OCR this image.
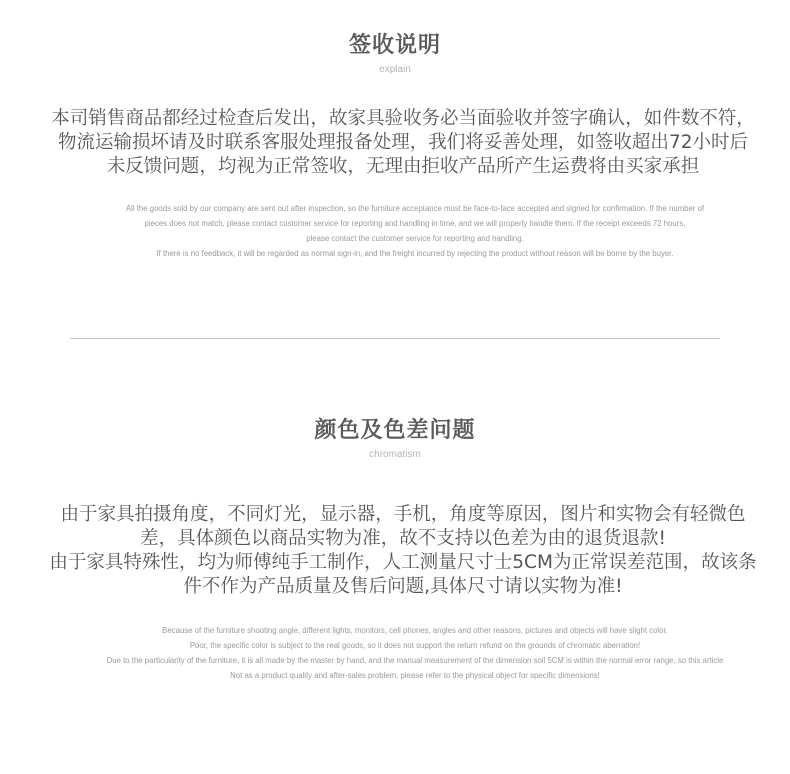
签收说明
explain
本司销售商品都经过检查后发出，故家具验收务必当面验收并签字确认，如件数不符，
物流运输损坏请及时联系客服处理报备处理，我们将妥善处理，如签收超出72小时后
未反馈问题，均视为正常签收，无理由拒收产品所产生运费将由买家承担
All the goods sold by our company are sent out after inspection, so the furniture acceptance must be face-to-face accepted and signed for confirmation. If the number of
pieces does not match, please contact customer service for reporting and handling in time, and we will properly handle them. If the receipt exceeds 72 hours,
please contact the customer service for reporting and handling.
If there is no feedback, it will be regarded as normal sign-in, and the freight incurred by rejecting the product without reason will be borne by the buyer.
颜色及色差问题
chromatism
由于家具拍摄角度，不同灯光，显示器，手机，角度等原因，图片和实物会有轻微色
差，具体颜色以商品实物为准，故不支持以色差为由的退货退款!
由于家具特殊性，均为师傅纯手工制作，人工测量尺寸士5CM为正常误差范围，故该条
件不作为产品质量及售后问题,具体尺寸请以实物为准!
Because of the furniture shooting angle, different lights, monitors, cell phones, angles and other reasons, pictures and objects will have slight color.
Poor, the specific color is subject to the real goods, so it does not support the return refund on the grounds of chromatic aberration!
Due to the particularity of the furniture, it is all made by the master by hand, and the manual measurement of the dimension soil 5CM is within the normal error range, so this article
Not as a product quality and after-sales problem, please refer to the physical object for specific dimensions!
